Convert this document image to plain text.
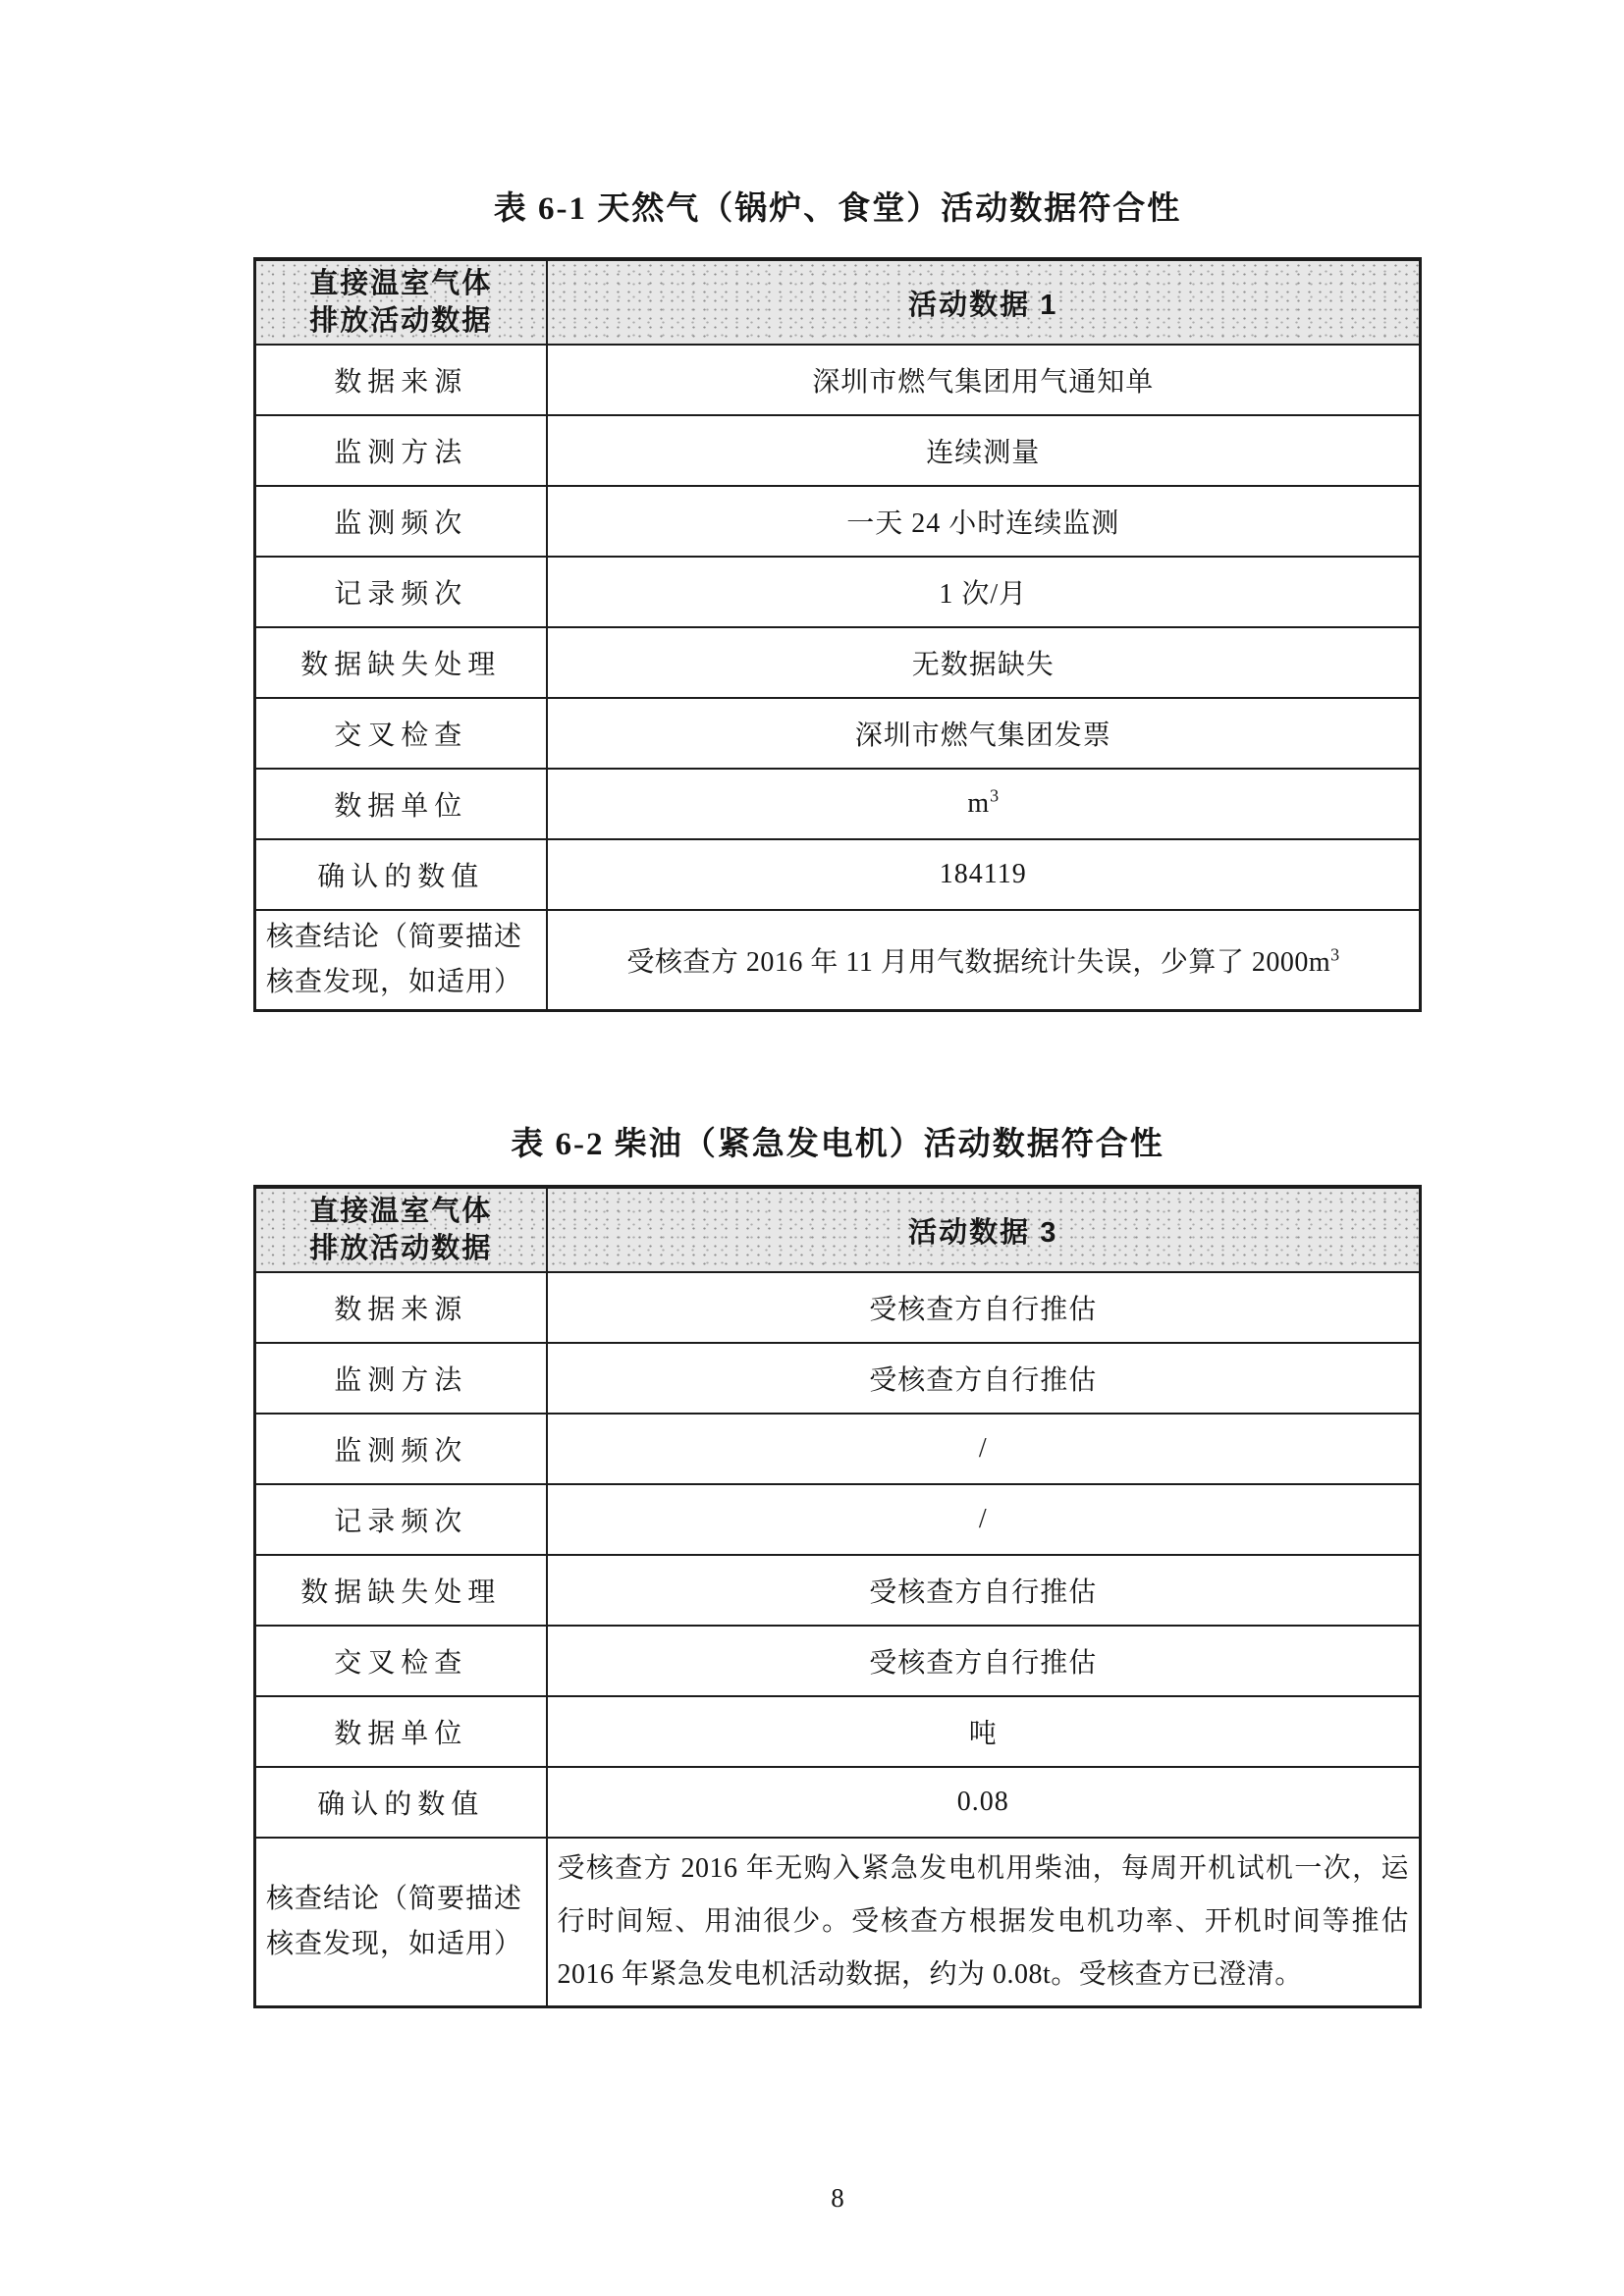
表 6-1 天然气（锅炉、食堂）活动数据符合性
直接温室气体
排放活动数据	活动数据 1
数据来源	深圳市燃气集团用气通知单
监测方法	连续测量
监测频次	一天 24 小时连续监测
记录频次	1 次/月
数据缺失处理	无数据缺失
交叉检查	深圳市燃气集团发票
数据单位	$m^3$
确认的数值	184119
核查结论（简要描述核查发现，如适用）	受核查方 2016 年 11 月用气数据统计失误，少算了 $2000m^3$
表 6-2 柴油（紧急发电机）活动数据符合性
直接温室气体
排放活动数据	活动数据 3
数据来源	受核查方自行推估
监测方法	受核查方自行推估
监测频次	/
记录频次	/
数据缺失处理	受核查方自行推估
交叉检查	受核查方自行推估
数据单位	吨
确认的数值	0.08
核查结论（简要描述核查发现，如适用）	受核查方 2016 年无购入紧急发电机用柴油，每周开机试机一次，运行时间短、用油很少。受核查方根据发电机功率、开机时间等推估 2016 年紧急发电机活动数据，约为 0.08t。受核查方已澄清。
8
